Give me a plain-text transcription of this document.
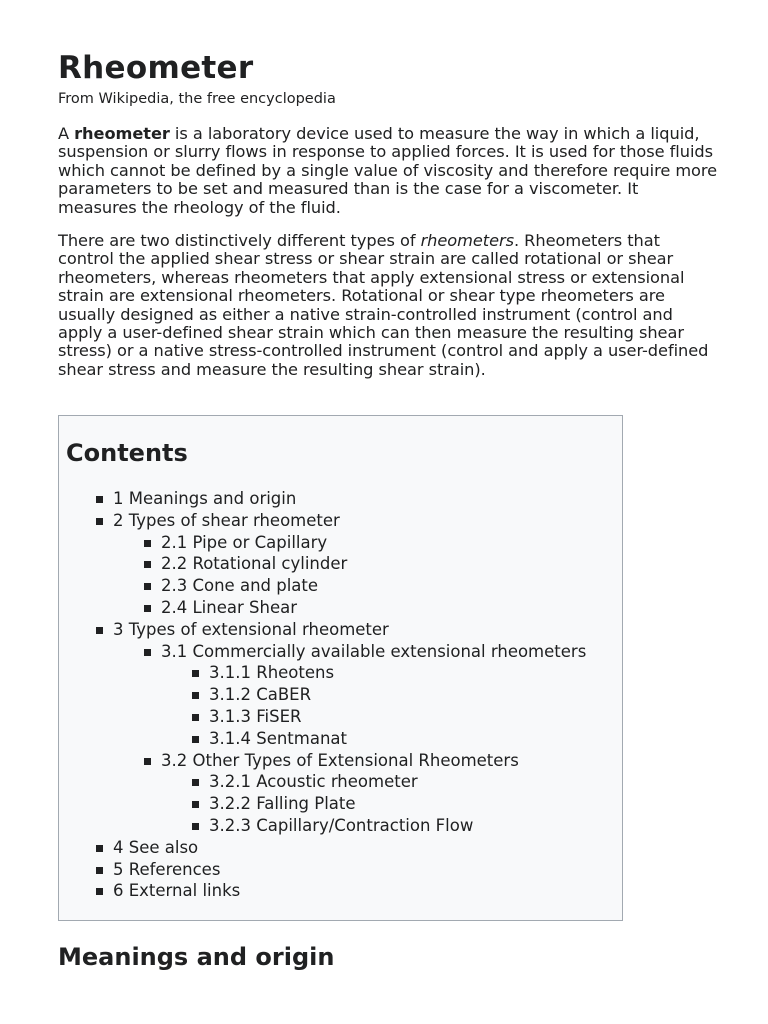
Rheometer
From Wikipedia, the free encyclopedia

A rheometer is a laboratory device used to measure the way in which a liquid, suspension or slurry flows in response to applied forces. It is used for those fluids which cannot be defined by a single value of viscosity and therefore require more parameters to be set and measured than is the case for a viscometer. It measures the rheology of the fluid.

There are two distinctively different types of rheometers. Rheometers that control the applied shear stress or shear strain are called rotational or shear rheometers, whereas rheometers that apply extensional stress or extensional strain are extensional rheometers. Rotational or shear type rheometers are usually designed as either a native strain-controlled instrument (control and apply a user-defined shear strain which can then measure the resulting shear stress) or a native stress-controlled instrument (control and apply a user-defined shear stress and measure the resulting shear strain).

Contents
1 Meanings and origin
2 Types of shear rheometer
2.1 Pipe or Capillary
2.2 Rotational cylinder
2.3 Cone and plate
2.4 Linear Shear
3 Types of extensional rheometer
3.1 Commercially available extensional rheometers
3.1.1 Rheotens
3.1.2 CaBER
3.1.3 FiSER
3.1.4 Sentmanat
3.2 Other Types of Extensional Rheometers
3.2.1 Acoustic rheometer
3.2.2 Falling Plate
3.2.3 Capillary/Contraction Flow
4 See also
5 References
6 External links
Meanings and origin
